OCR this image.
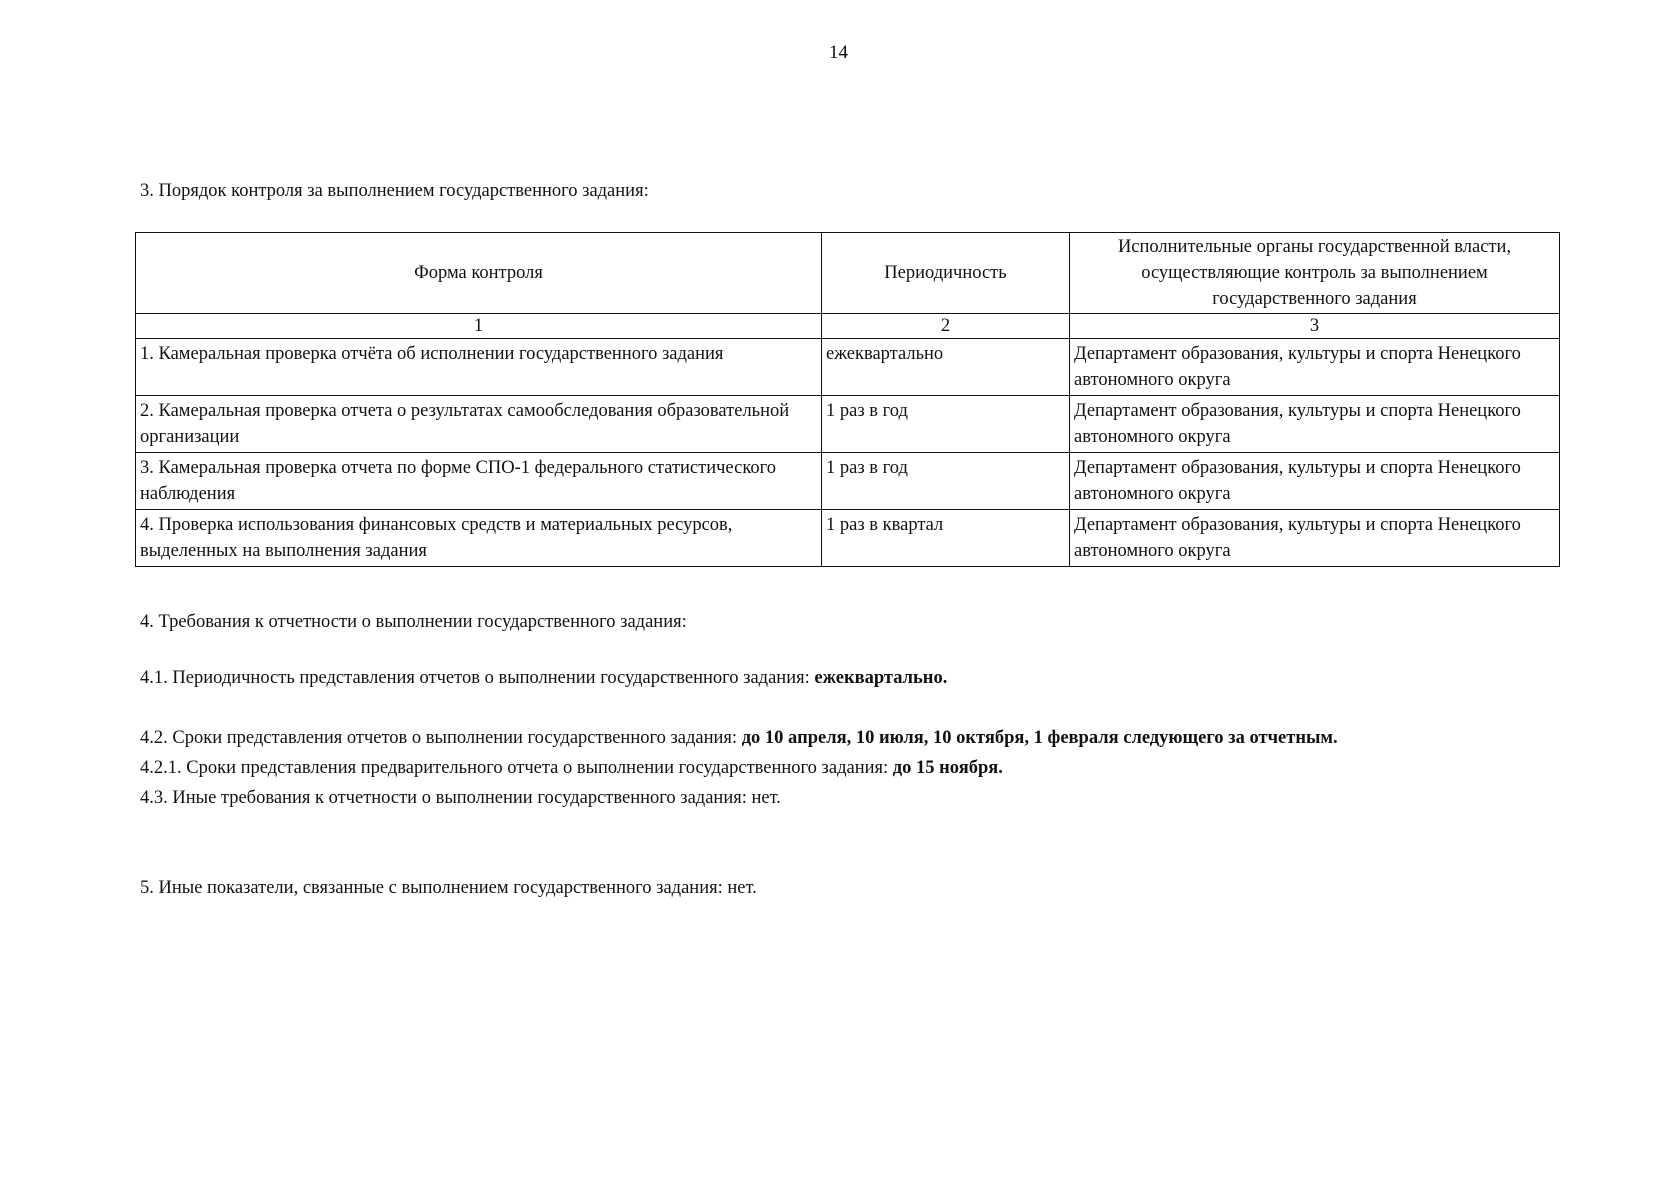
14
3. Порядок контроля за выполнением государственного задания:
Форма контроля	Периодичность	Исполнительные органы государственной власти, осуществляющие контроль за выполнением государственного задания
1	2	3
1. Камеральная проверка отчёта об исполнении государственного задания	ежеквартально	Департамент образования, культуры и спорта Ненецкого автономного округа
2. Камеральная проверка отчета о результатах самообследования образовательной организации	1 раз в год	Департамент образования, культуры и спорта Ненецкого автономного округа
3. Камеральная проверка отчета по форме СПО-1 федерального статистического наблюдения	1 раз в год	Департамент образования, культуры и спорта Ненецкого автономного округа
4. Проверка использования финансовых средств и материальных ресурсов, выделенных на выполнения задания	1 раз в квартал	Департамент образования, культуры и спорта Ненецкого автономного округа
4. Требования к отчетности о выполнении государственного задания:
4.1. Периодичность представления отчетов о выполнении государственного задания: ежеквартально.
4.2. Сроки представления отчетов о выполнении государственного задания: до 10 апреля, 10 июля, 10 октября, 1 февраля следующего за отчетным.
4.2.1. Сроки представления предварительного отчета о выполнении государственного задания: до 15 ноября.
4.3. Иные требования к отчетности о выполнении государственного задания: нет.
5. Иные показатели, связанные с выполнением государственного задания: нет.
